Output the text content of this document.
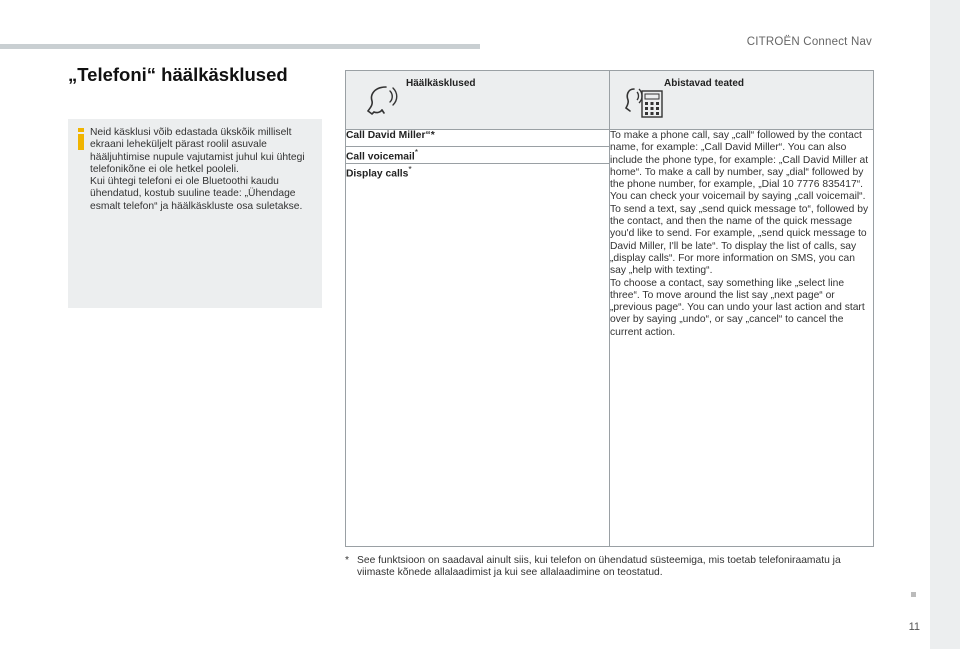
CITROËN Connect Nav
„Telefoni“ häälkäsklused

Neid käsklusi võib edastada ükskõik milliselt ekraani leheküljelt pärast roolil asuvale hääljuhtimise nupule vajutamist juhul kui ühtegi telefonikõne ei ole hetkel pooleli.
Kui ühtegi telefoni ei ole Bluetoothi kaudu ühendatud, kostub suuline teade: „Ühendage esmalt telefon“ ja häälkäskluste osa suletakse.

Häälkäsklused	Abistavad teated

Call David Miller“*	To make a phone call, say „call“ followed by the contact name, for example: „Call David Miller“. You can also include the phone type, for example: „Call David Miller at home“. To make a call by number, say „dial“ followed by the phone number, for example, „Dial 10 7776 835417“. You can check your voicemail by saying „call voicemail“. To send a text, say „send quick message to“, followed by the contact, and then the name of the quick message you'd like to send. For example, „send quick message to David Miller, I'll be late“. To display the list of calls, say „display calls“. For more information on SMS, you can say „help with texting“.
To choose a contact, say something like „select line three“. To move around the list say „next page“ or „previous page“. You can undo your last action and start over by saying „undo“, or say „cancel“ to cancel the current action.
Call voicemail*
Display calls*
* See funktsioon on saadaval ainult siis, kui telefon on ühendatud süsteemiga, mis toetab telefoniraamatu ja viimaste kõnede allalaadimist ja kui see allalaadimine on teostatud.
11
